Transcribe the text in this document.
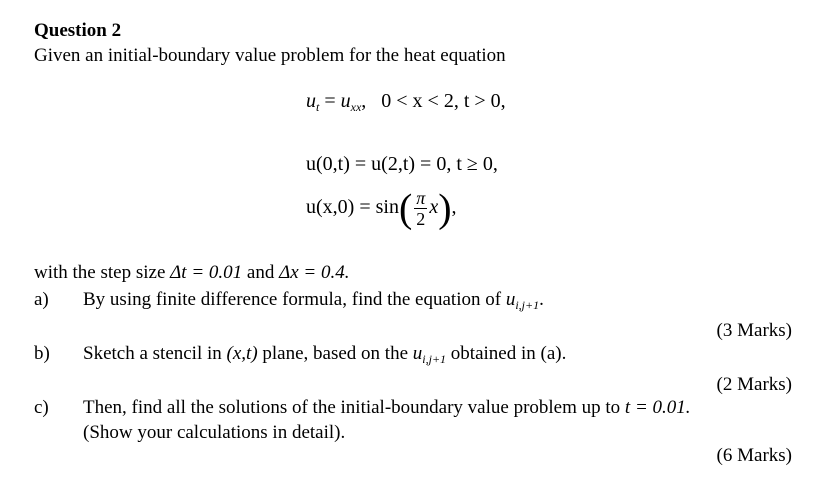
Question 2
Given an initial-boundary value problem for the heat equation
$u_t = u_{xx}$,   0 < x < 2, t > 0,
u(0,t) = u(2,t) = 0, t ≥ 0,
$u(x,0) = \sin( \frac{\pi}{2} x)$,
with the step size Δt = 0.01 and Δx = 0.4.
a) By using finite difference formula, find the equation of $u_{i,j+1}$.
(3 Marks)
b) Sketch a stencil in (x,t) plane, based on the $u_{i,j+1}$ obtained in (a).
(2 Marks)
c) Then, find all the solutions of the initial-boundary value problem up to t = 0.01.
(Show your calculations in detail).
(6 Marks)
